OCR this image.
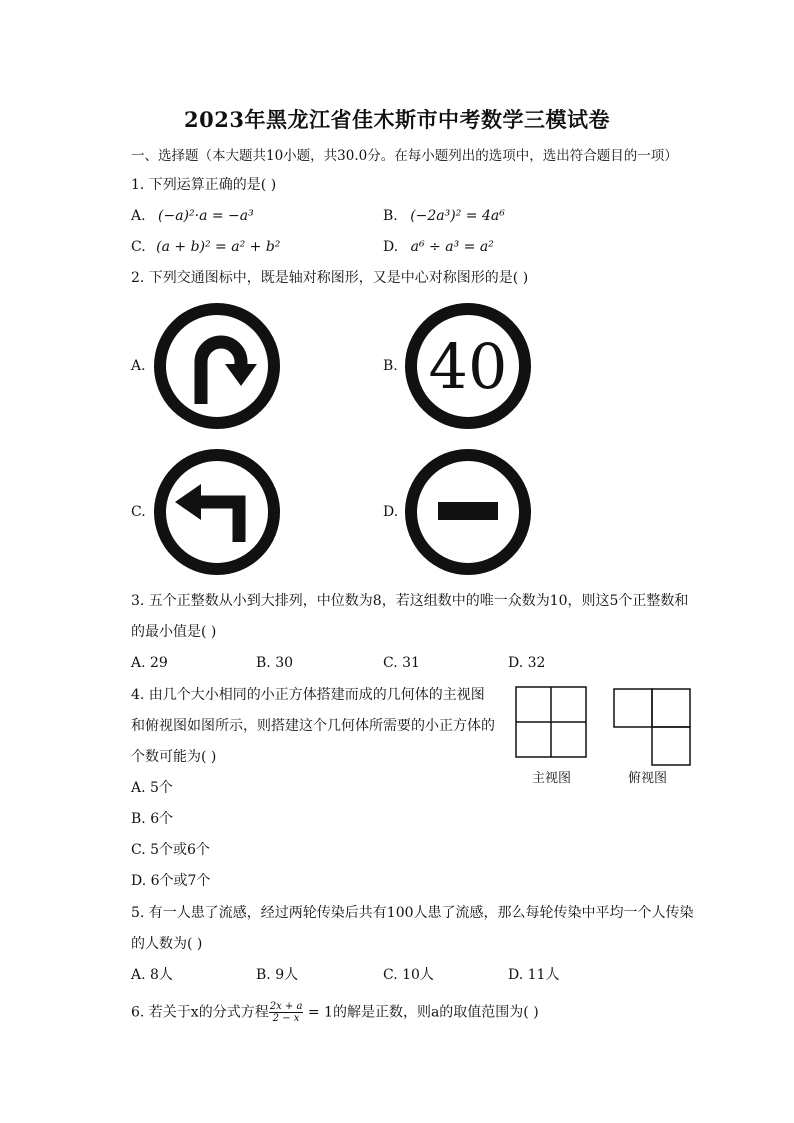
2023年黑龙江省佳木斯市中考数学三模试卷
一、选择题（本大题共10小题，共30.0分。在每小题列出的选项中，选出符合题目的一项）
1. 下列运算正确的是( )
A. (−a)²·a = −a³	B. (−2a³)² = 4a⁶
C. (a + b)² = a² + b²	D. a⁶ ÷ a³ = a²
2. 下列交通图标中，既是轴对称图形，又是中心对称图形的是( )
A.	B. 40
C.	D.
3. 五个正整数从小到大排列，中位数为8，若这组数中的唯一众数为10，则这5个正整数和
的最小值是( )
A. 29	B. 30	C. 31	D. 32
4. 由几个大小相同的小正方体搭建而成的几何体的主视图
和俯视图如图所示，则搭建这个几何体所需要的小正方体的
个数可能为( )
主视图	俯视图
A. 5个
B. 6个
C. 5个或6个
D. 6个或7个
5. 有一人患了流感，经过两轮传染后共有100人患了流感，那么每轮传染中平均一个人传染
的人数为( )
A. 8人	B. 9人	C. 10人	D. 11人
6. 若关于x的分式方程 $\frac{2x + a}{2 - x} = 1$的解是正数，则a的取值范围为( )
